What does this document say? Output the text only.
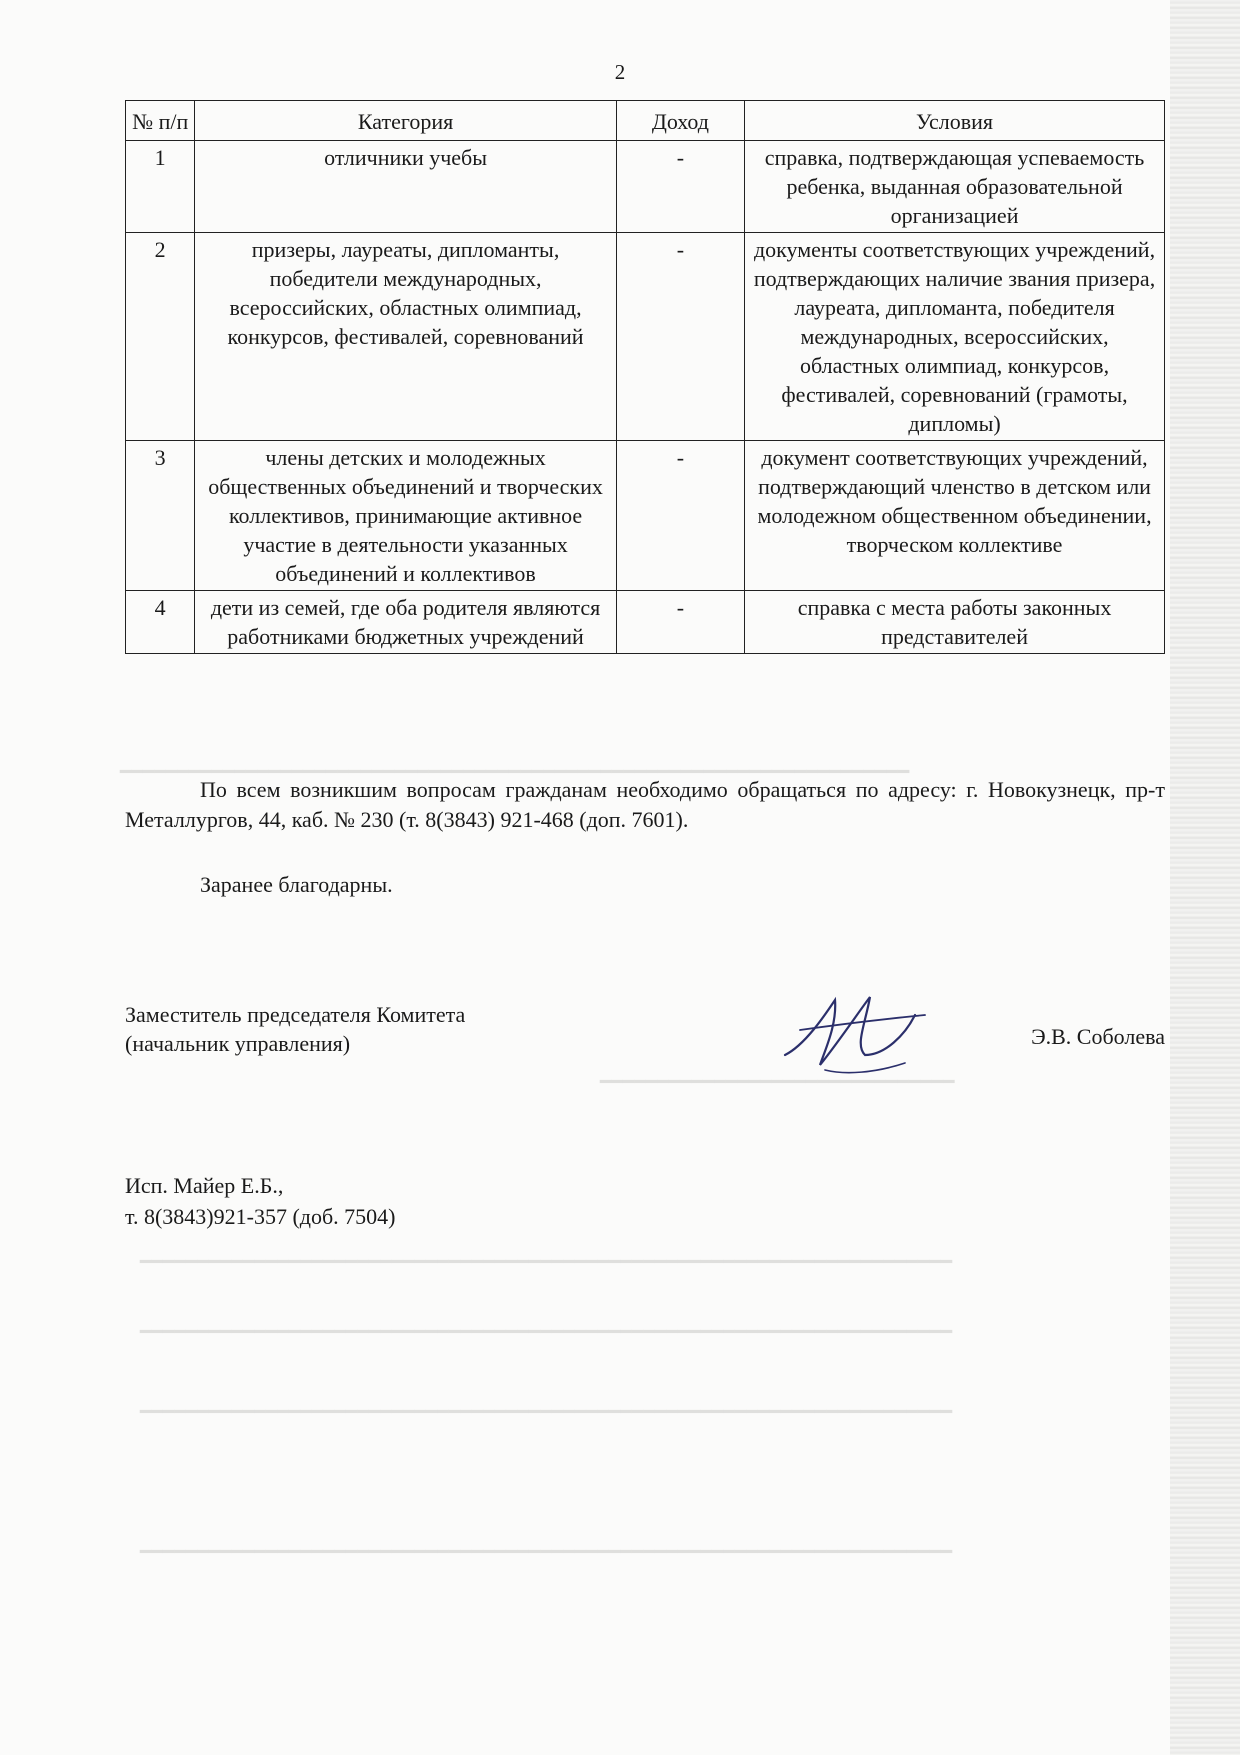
━━━━━━━━━━━━━━━━━━━━━━━━━━━━━━━━━━━━━━━━━━━━━━━━━━━━━━━━━━━━━━━━━━━━━
━━━━━━━━━━━━━━━━━━━━━━━━━━━━━━━
━━━━━━━━━━━━━━━━━━━━━━━━━━━━━━━━━━━━━━━━━━━━━━━━━━━━━━━━━━━━━━━━━━━━━━━
━━━━━━━━━━━━━━━━━━━━━━━━━━━━━━━━━━━━━━━━━━━━━━━━━━━━━━━━━━━━━━━━━━━━━━━
━━━━━━━━━━━━━━━━━━━━━━━━━━━━━━━━━━━━━━━━━━━━━━━━━━━━━━━━━━━━━━━━━━━━━━━
━━━━━━━━━━━━━━━━━━━━━━━━━━━━━━━━━━━━━━━━━━━━━━━━━━━━━━━━━━━━━━━━━━━━━━━
2
№ п/п	Категория	Доход	Условия
1	отличники учебы	-	справка, подтверждающая успеваемость ребенка, выданная образовательной организацией
2	призеры, лауреаты, дипломанты, победители международных, всероссийских, областных олимпиад, конкурсов, фестивалей, соревнований	-	документы соответствующих учреждений, подтверждающих наличие звания призера, лауреата, дипломанта, победителя международных, всероссийских, областных олимпиад, конкурсов, фестивалей, соревнований (грамоты, дипломы)
3	члены детских и молодежных общественных объединений и творческих коллективов, принимающие активное участие в деятельности указанных объединений и коллективов	-	документ соответствующих учреждений, подтверждающий членство в детском или молодежном общественном объединении, творческом коллективе
4	дети из семей, где оба родителя являются работниками бюджетных учреждений	-	справка с места работы законных представителей

По всем возникшим вопросам гражданам необходимо обращаться по адресу: г. Новокузнецк, пр-т Металлургов, 44, каб. № 230 (т. 8(3843) 921-468 (доп. 7601).

Заранее благодарны.

Заместитель председателя Комитета
(начальник управления)	Э.В. Соболева
Исп. Майер Е.Б.,
т. 8(3843)921-357 (доб. 7504)
